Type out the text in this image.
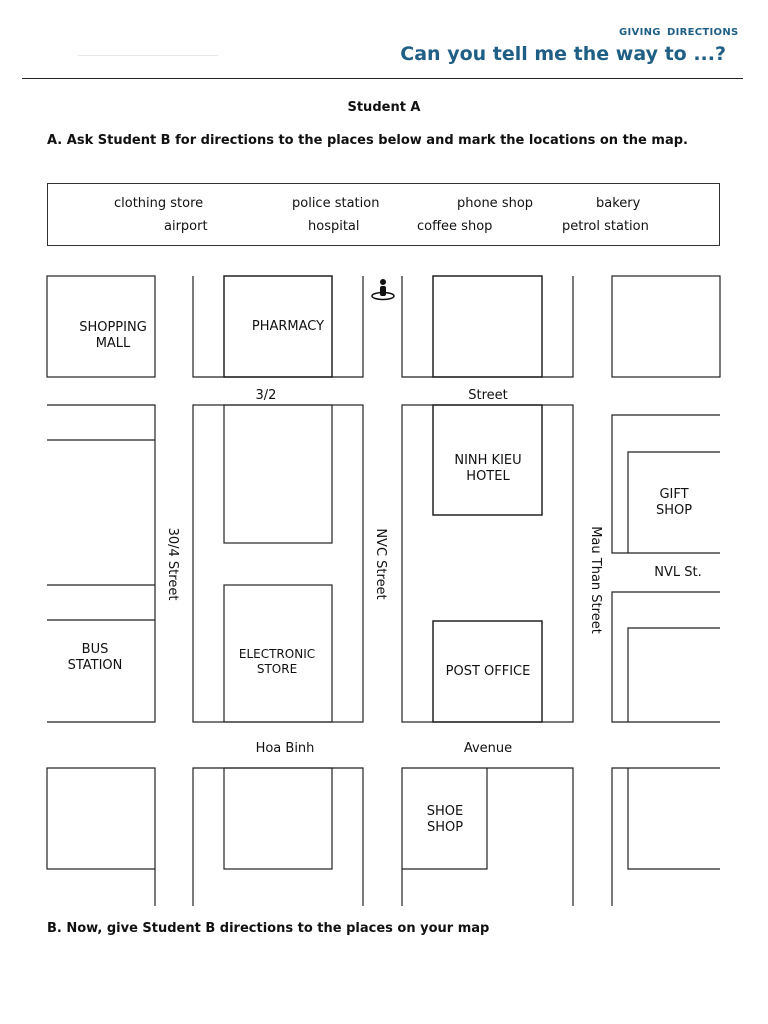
GIVING DIRECTIONS
Can you tell me the way to ...?
Student A
A. Ask Student B for directions to the places below and mark the locations on the map.
clothing store	police station	phone shop	bakery
airport	hospital	coffee shop	petrol station
SHOPPING
MALL
PHARMACY
NINH KIEU
HOTEL
GIFT
SHOP
BUS
STATION
ELECTRONIC
STORE	POST OFFICE
SHOE
SHOP
3/2	Street
NVL St.
Hoa Binh	Avenue
30/4 Street	NVC Street	Mau Than Street
B. Now, give Student B directions to the places on your map
